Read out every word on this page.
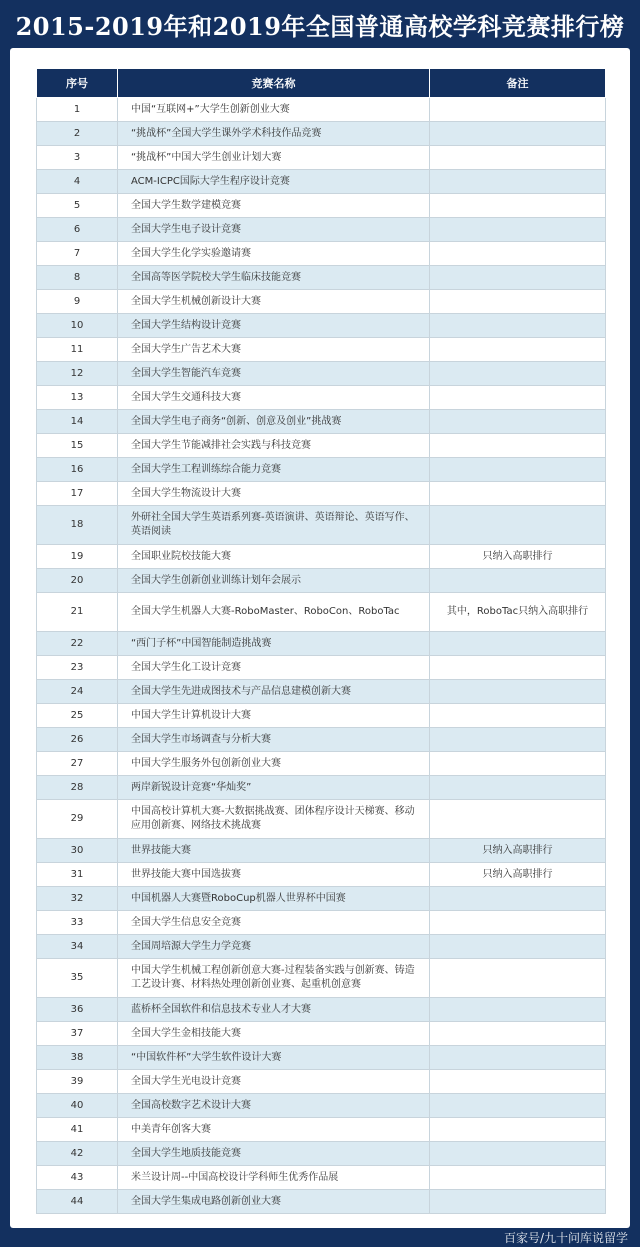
2015-2019年和2019年全国普通高校学科竞赛排行榜
序号	竞赛名称	备注
1	中国“互联网+”大学生创新创业大赛	
2	“挑战杯”全国大学生课外学术科技作品竞赛	
3	“挑战杯”中国大学生创业计划大赛	
4	ACM-ICPC国际大学生程序设计竞赛	
5	全国大学生数学建模竞赛	
6	全国大学生电子设计竞赛	
7	全国大学生化学实验邀请赛	
8	全国高等医学院校大学生临床技能竞赛	
9	全国大学生机械创新设计大赛	
10	全国大学生结构设计竞赛	
11	全国大学生广告艺术大赛	
12	全国大学生智能汽车竞赛	
13	全国大学生交通科技大赛	
14	全国大学生电子商务“创新、创意及创业”挑战赛	
15	全国大学生节能减排社会实践与科技竞赛	
16	全国大学生工程训练综合能力竞赛	
17	全国大学生物流设计大赛	
18	外研社全国大学生英语系列赛-英语演讲、英语辩论、英语写作、英语阅读	
19	全国职业院校技能大赛	只纳入高职排行
20	全国大学生创新创业训练计划年会展示	
21	全国大学生机器人大赛-RoboMaster、RoboCon、RoboTac	其中，RoboTac只纳入高职排行
22	“西门子杯”中国智能制造挑战赛	
23	全国大学生化工设计竞赛	
24	全国大学生先进成图技术与产品信息建模创新大赛	
25	中国大学生计算机设计大赛	
26	全国大学生市场调查与分析大赛	
27	中国大学生服务外包创新创业大赛	
28	两岸新锐设计竞赛“华灿奖”	
29	中国高校计算机大赛-大数据挑战赛、团体程序设计天梯赛、移动应用创新赛、网络技术挑战赛	
30	世界技能大赛	只纳入高职排行
31	世界技能大赛中国选拔赛	只纳入高职排行
32	中国机器人大赛暨RoboCup机器人世界杯中国赛	
33	全国大学生信息安全竞赛	
34	全国周培源大学生力学竞赛	
35	中国大学生机械工程创新创意大赛-过程装备实践与创新赛、铸造工艺设计赛、材料热处理创新创业赛、起重机创意赛	
36	蓝桥杯全国软件和信息技术专业人才大赛	
37	全国大学生金相技能大赛	
38	“中国软件杯”大学生软件设计大赛	
39	全国大学生光电设计竞赛	
40	全国高校数字艺术设计大赛	
41	中美青年创客大赛	
42	全国大学生地质技能竞赛	
43	米兰设计周--中国高校设计学科师生优秀作品展	
44	全国大学生集成电路创新创业大赛	
百家号/九十问库说留学
